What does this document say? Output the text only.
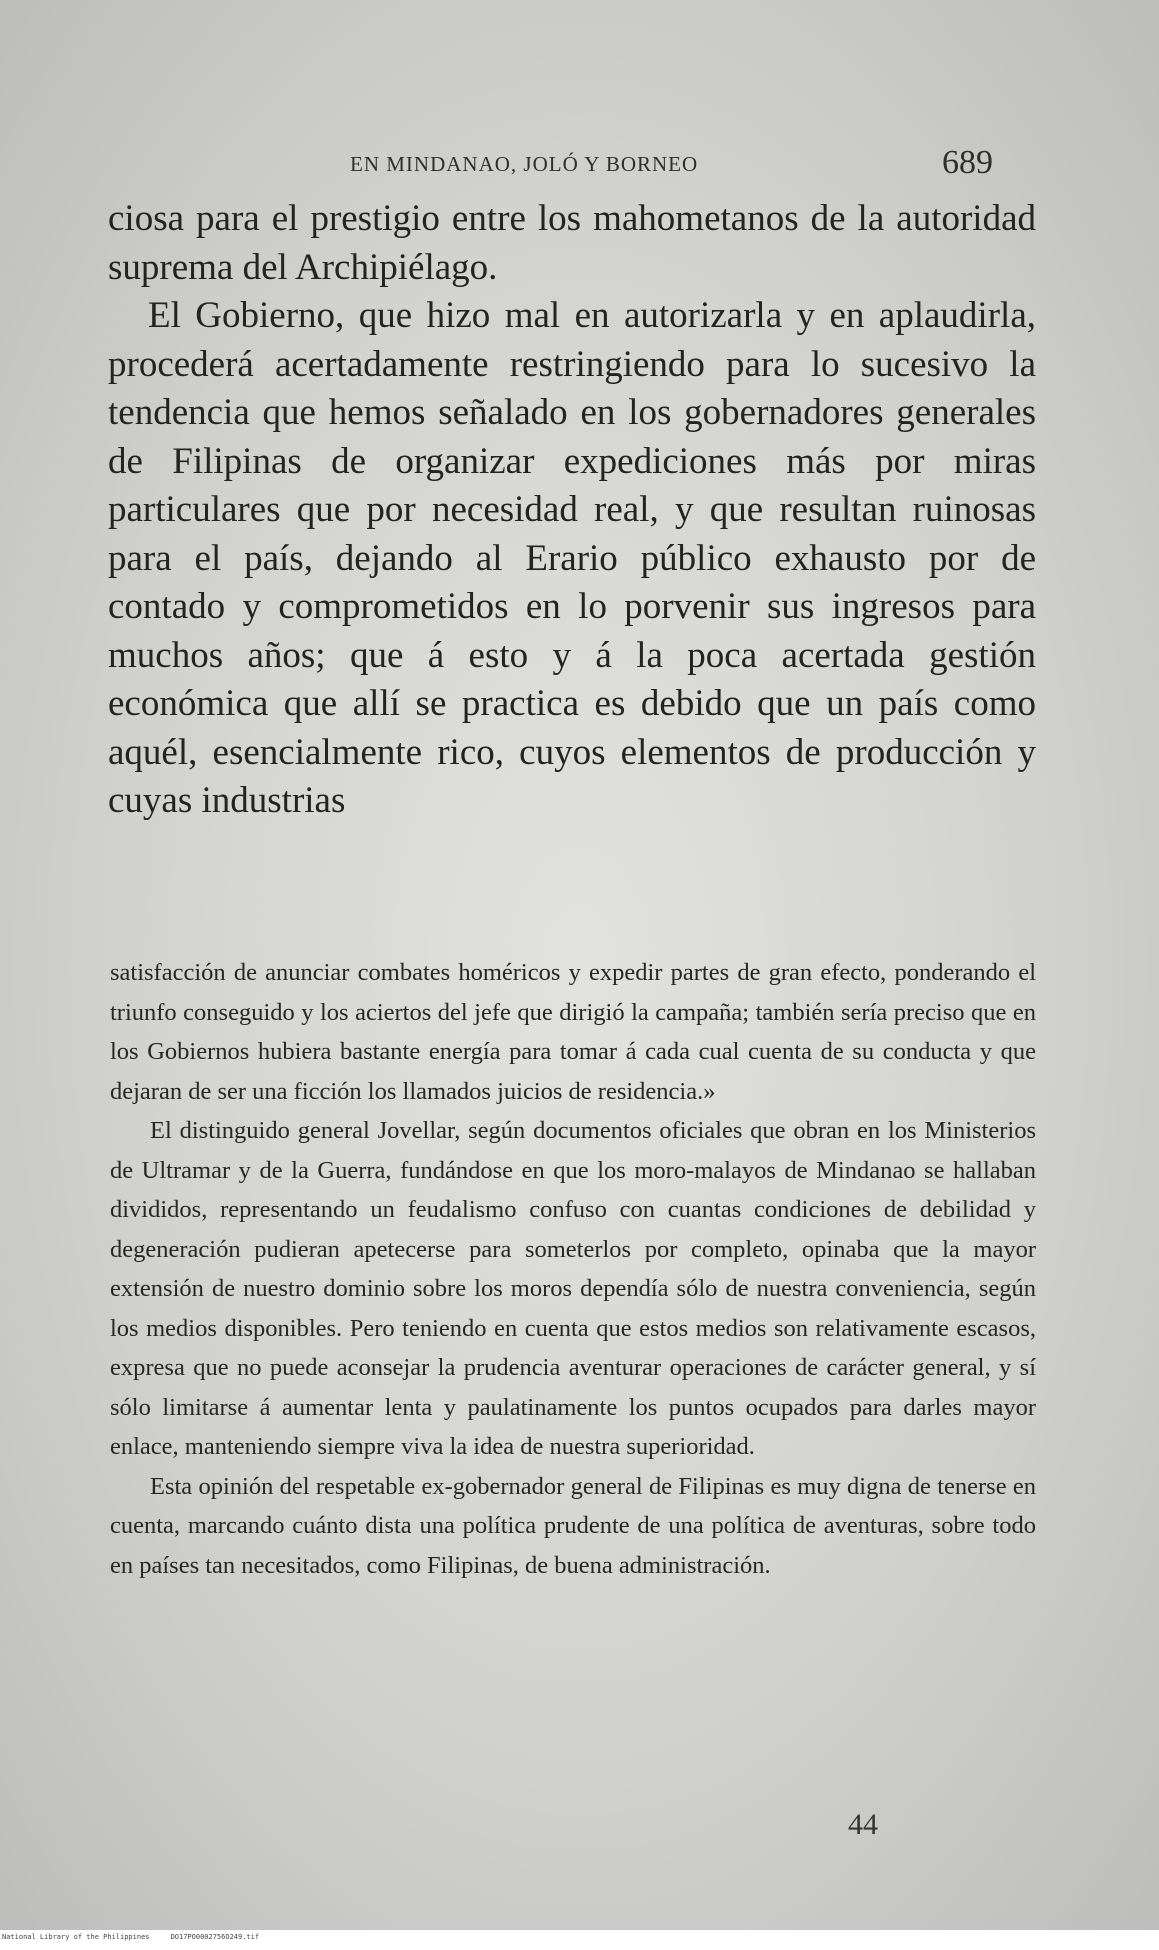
EN MINDANAO, JOLÓ Y BORNEO	689

ciosa para el prestigio entre los mahometanos de la autoridad suprema del Archipiélago.

El Gobierno, que hizo mal en autorizarla y en aplaudirla, procederá acertadamente restringiendo para lo sucesivo la tendencia que hemos señalado en los gobernadores generales de Filipinas de organizar expediciones más por miras particulares que por necesidad real, y que resultan ruinosas para el país, dejando al Erario público exhausto por de contado y comprometidos en lo porvenir sus ingresos para muchos años; que á esto y á la poca acertada gestión económica que allí se practica es debido que un país como aquél, esencialmente rico, cuyos elementos de producción y cuyas industrias

satisfacción de anunciar combates homéricos y expedir partes de gran efecto, ponderando el triunfo conseguido y los aciertos del jefe que dirigió la campaña; también sería preciso que en los Gobiernos hubiera bastante energía para tomar á cada cual cuenta de su conducta y que dejaran de ser una ficción los llamados juicios de residencia.»

El distinguido general Jovellar, según documentos oficiales que obran en los Ministerios de Ultramar y de la Guerra, fundándose en que los moro-malayos de Mindanao se hallaban divididos, representando un feudalismo confuso con cuantas condiciones de debilidad y degeneración pudieran apetecerse para someterlos por completo, opinaba que la mayor extensión de nuestro dominio sobre los moros dependía sólo de nuestra conveniencia, según los medios disponibles. Pero teniendo en cuenta que estos medios son relativamente escasos, expresa que no puede aconsejar la prudencia aventurar operaciones de carácter general, y sí sólo limitarse á aumentar lenta y paulatinamente los puntos ocupados para darles mayor enlace, manteniendo siempre viva la idea de nuestra superioridad.

Esta opinión del respetable ex-gobernador general de Filipinas es muy digna de tenerse en cuenta, marcando cuánto dista una política prudente de una política de aventuras, sobre todo en países tan necesitados, como Filipinas, de buena administración.

44
National Library of the Philippines     DO17PO0002756O249.tif
